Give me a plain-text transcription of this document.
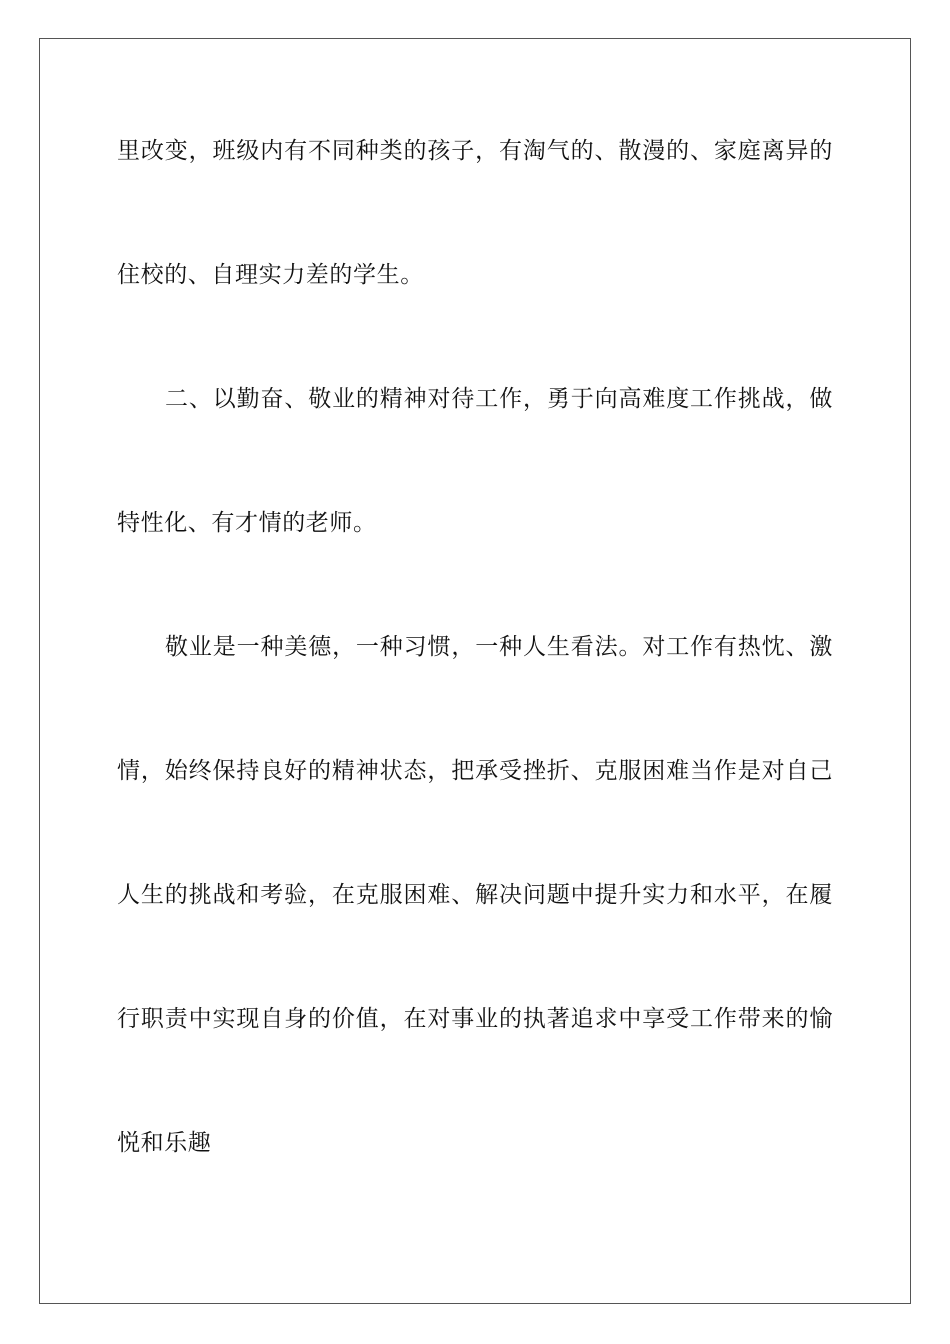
里改变，班级内有不同种类的孩子，有淘气的、散漫的、家庭离异的
住校的、自理实力差的学生。
二、以勤奋、敬业的精神对待工作，勇于向高难度工作挑战，做
特性化、有才情的老师。
敬业是一种美德，一种习惯，一种人生看法。对工作有热忱、激
情，始终保持良好的精神状态，把承受挫折、克服困难当作是对自己
人生的挑战和考验，在克服困难、解决问题中提升实力和水平，在履
行职责中实现自身的价值，在对事业的执著追求中享受工作带来的愉
悦和乐趣
